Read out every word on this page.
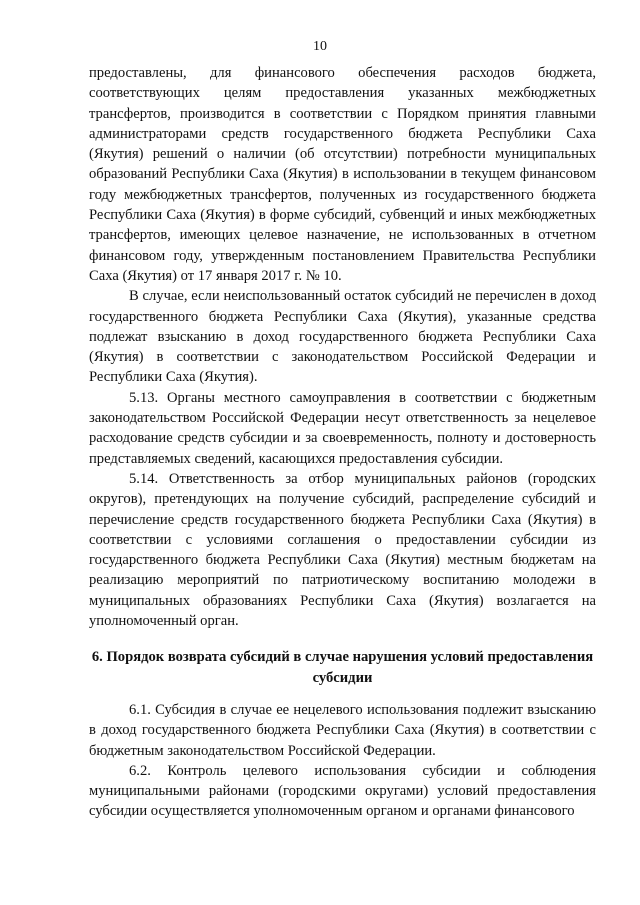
10

предоставлены, для финансового обеспечения расходов бюджета, соответствующих целям предоставления указанных межбюджетных трансфертов, производится в соответствии с Порядком принятия главными администраторами средств государственного бюджета Республики Саха (Якутия) решений о наличии (об отсутствии) потребности муниципальных образований Республики Саха (Якутия) в использовании в текущем финансовом году межбюджетных трансфертов, полученных из государственного бюджета Республики Саха (Якутия) в форме субсидий, субвенций и иных межбюджетных трансфертов, имеющих целевое назначение, не использованных в отчетном финансовом году, утвержденным постановлением Правительства Республики Саха (Якутия) от 17 января 2017 г. № 10.

В случае, если неиспользованный остаток субсидий не перечислен в доход государственного бюджета Республики Саха (Якутия), указанные средства подлежат взысканию в доход государственного бюджета Республики Саха (Якутия) в соответствии с законодательством Российской Федерации и Республики Саха (Якутия).

5.13. Органы местного самоуправления в соответствии с бюджетным законодательством Российской Федерации несут ответственность за нецелевое расходование средств субсидии и за своевременность, полноту и достоверность представляемых сведений, касающихся предоставления субсидии.

5.14. Ответственность за отбор муниципальных районов (городских округов), претендующих на получение субсидий, распределение субсидий и перечисление средств государственного бюджета Республики Саха (Якутия) в соответствии с условиями соглашения о предоставлении субсидии из государственного бюджета Республики Саха (Якутия) местным бюджетам на реализацию мероприятий по патриотическому воспитанию молодежи в муниципальных образованиях Республики Саха (Якутия) возлагается на уполномоченный орган.

6. Порядок возврата субсидий в случае нарушения условий предоставления субсидии

6.1. Субсидия в случае ее нецелевого использования подлежит взысканию в доход государственного бюджета Республики Саха (Якутия) в соответствии с бюджетным законодательством Российской Федерации.

6.2. Контроль целевого использования субсидии и соблюдения муниципальными районами (городскими округами) условий предоставления субсидии осуществляется уполномоченным органом и органами финансового
